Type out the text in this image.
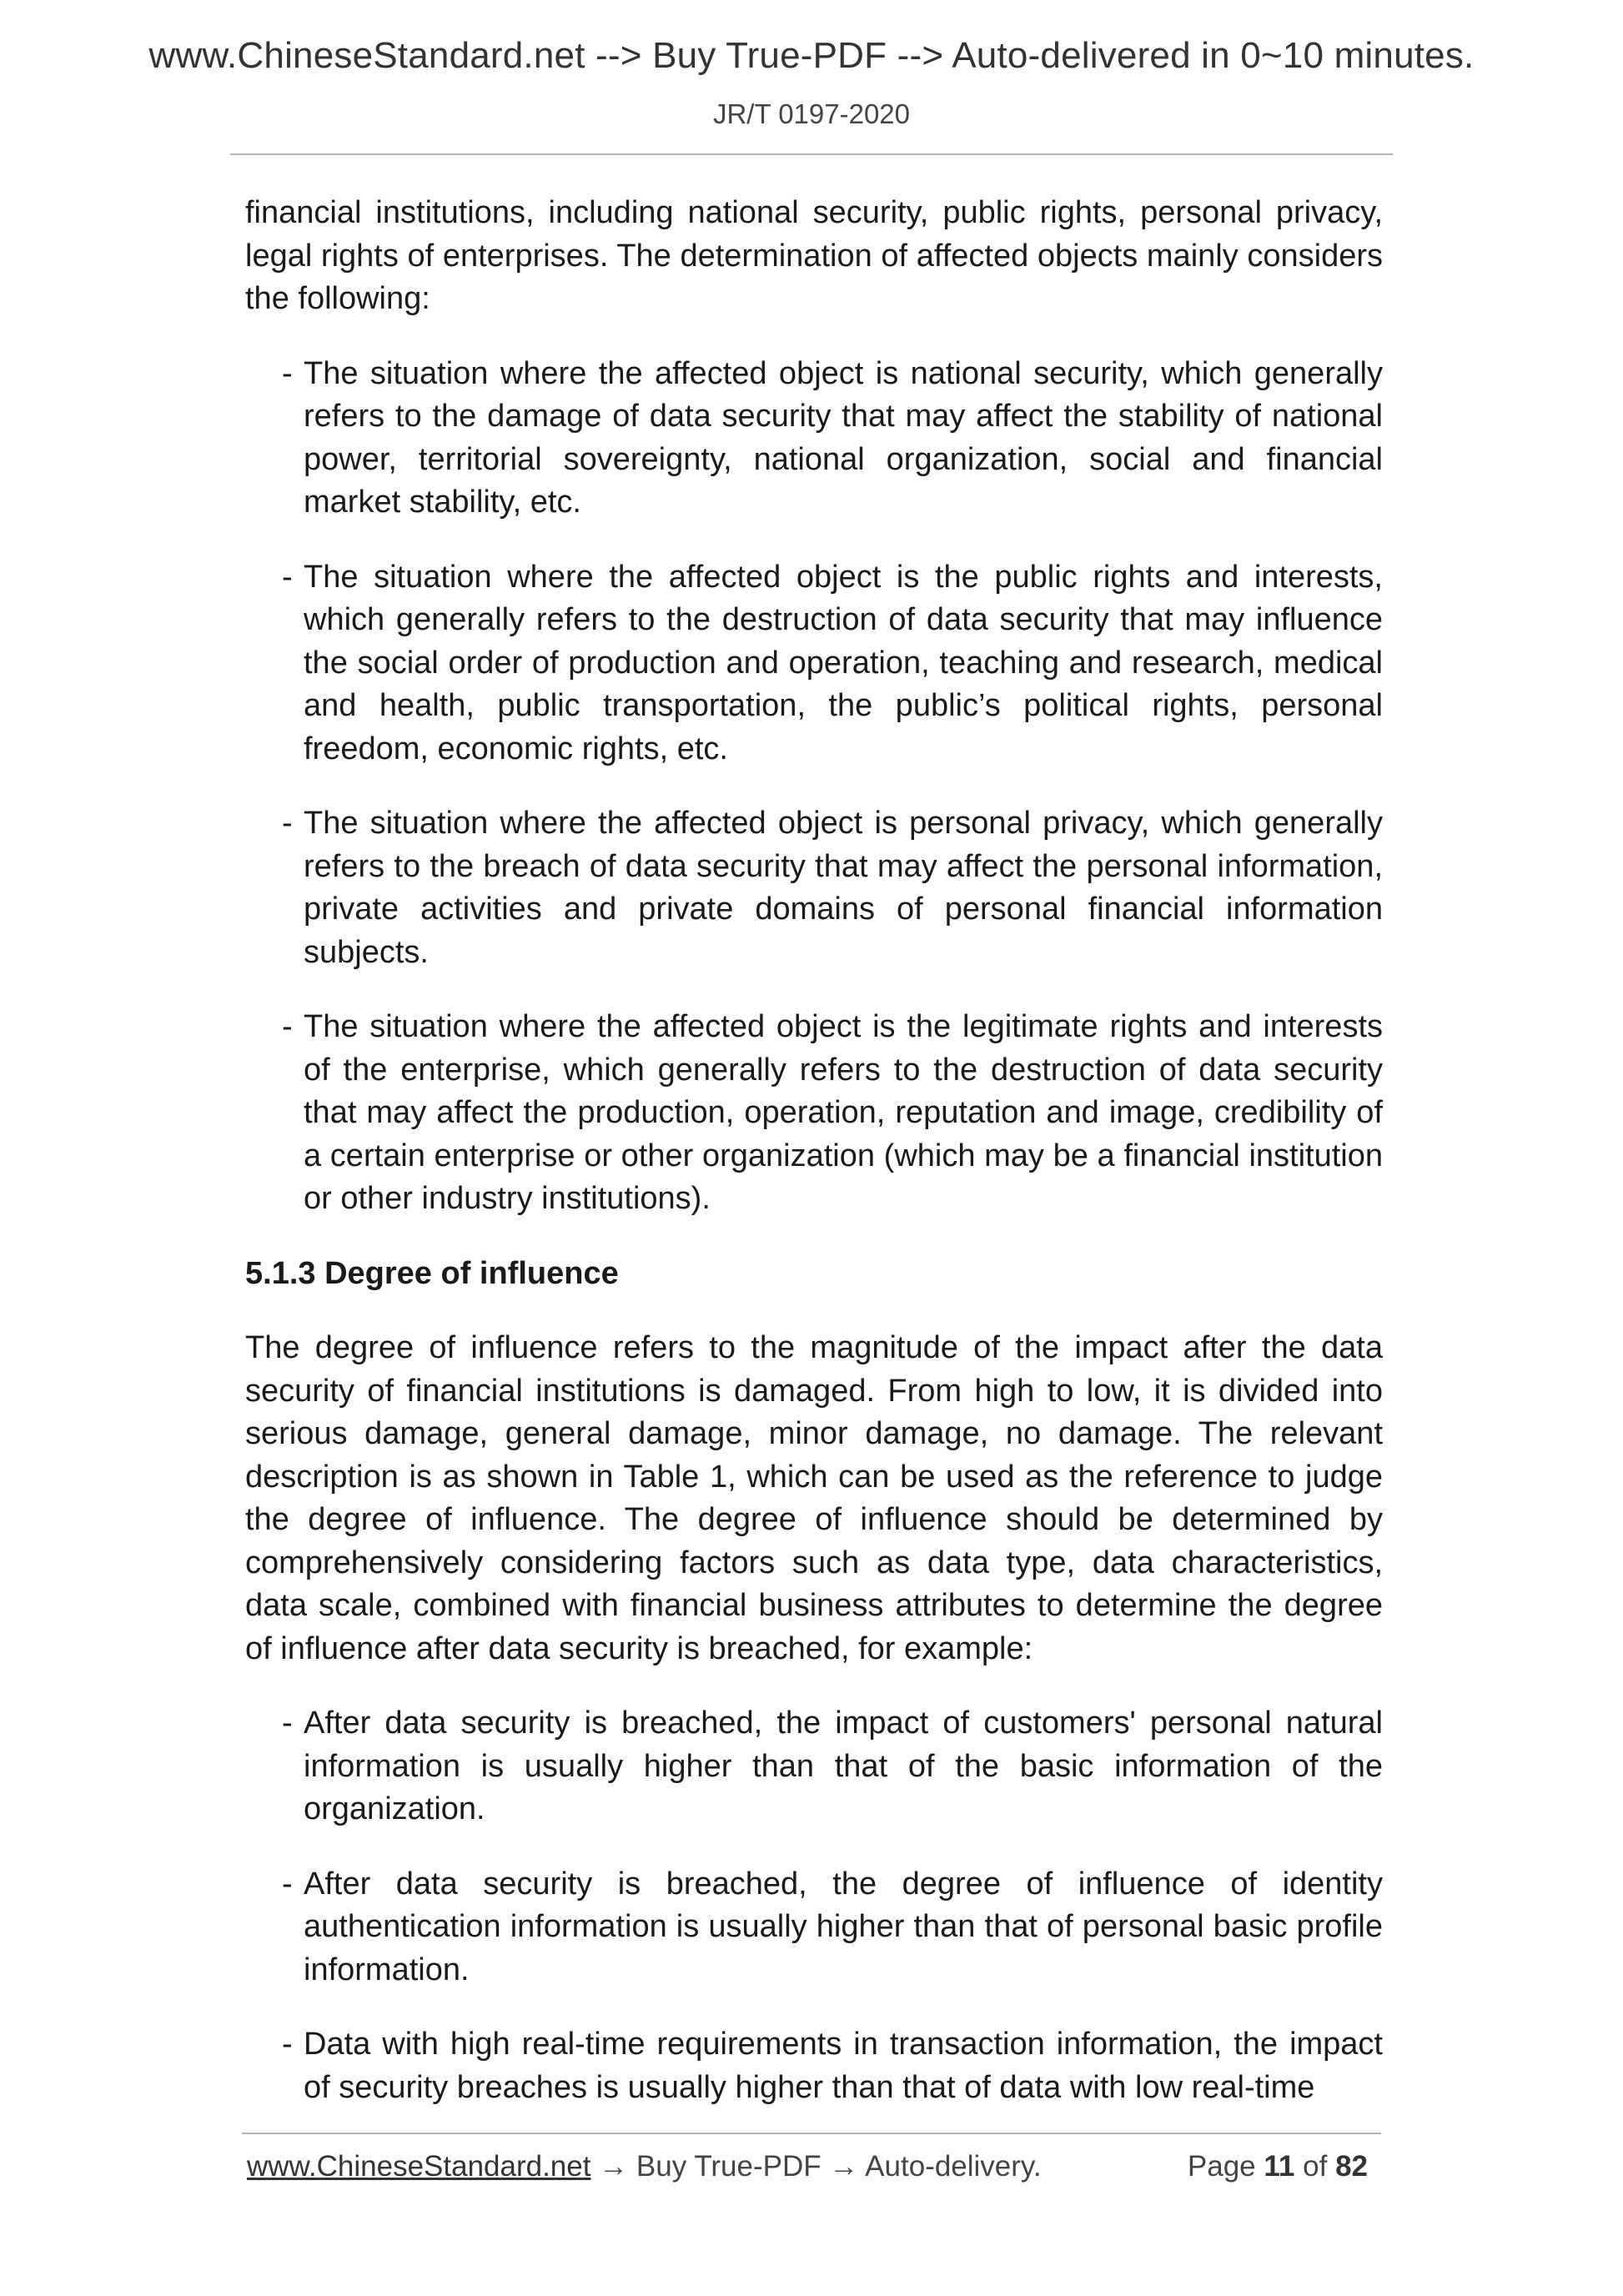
www.ChineseStandard.net --> Buy True-PDF --> Auto-delivered in 0~10 minutes.
JR/T 0197-2020

financial institutions, including national security, public rights, personal privacy, legal rights of enterprises. The determination of affected objects mainly considers the following:

- The situation where the affected object is national security, which generally refers to the damage of data security that may affect the stability of national power, territorial sovereignty, national organization, social and financial market stability, etc.

- The situation where the affected object is the public rights and interests, which generally refers to the destruction of data security that may influence the social order of production and operation, teaching and research, medical and health, public transportation, the public’s political rights, personal freedom, economic rights, etc.

- The situation where the affected object is personal privacy, which generally refers to the breach of data security that may affect the personal information, private activities and private domains of personal financial information subjects.

- The situation where the affected object is the legitimate rights and interests of the enterprise, which generally refers to the destruction of data security that may affect the production, operation, reputation and image, credibility of a certain enterprise or other organization (which may be a financial institution or other industry institutions).

5.1.3 Degree of influence

The degree of influence refers to the magnitude of the impact after the data security of financial institutions is damaged. From high to low, it is divided into serious damage, general damage, minor damage, no damage. The relevant description is as shown in Table 1, which can be used as the reference to judge the degree of influence. The degree of influence should be determined by comprehensively considering factors such as data type, data characteristics, data scale, combined with financial business attributes to determine the degree of influence after data security is breached, for example:

- After data security is breached, the impact of customers' personal natural information is usually higher than that of the basic information of the organization.

- After data security is breached, the degree of influence of identity authentication information is usually higher than that of personal basic profile information.

- Data with high real-time requirements in transaction information, the impact of security breaches is usually higher than that of data with low real-time

www.ChineseStandard.net → Buy True-PDF → Auto-delivery.	Page 11 of 82
